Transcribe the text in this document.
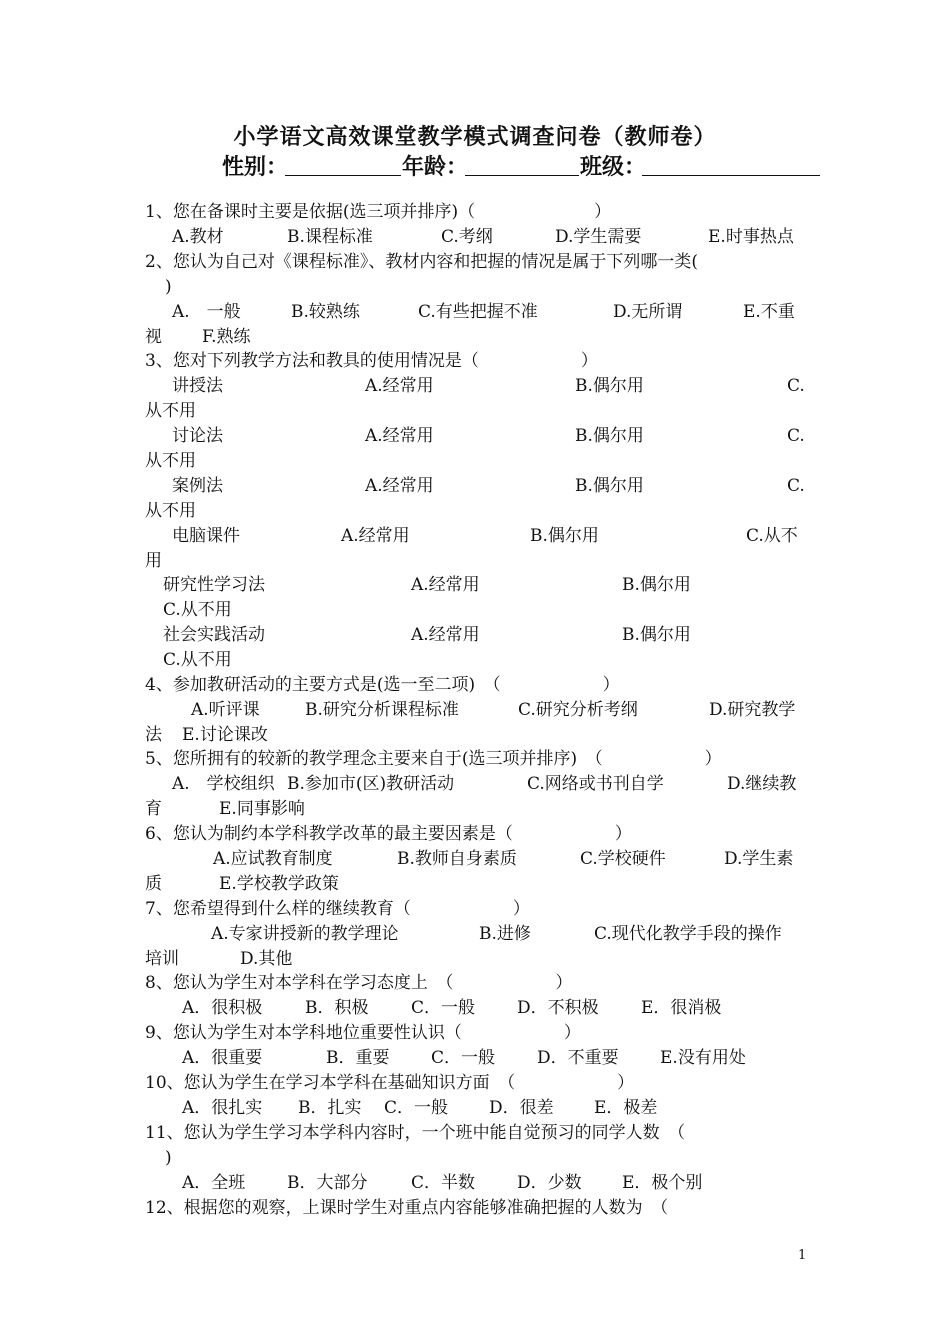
小学语文高效课堂教学模式调查问卷（教师卷）
性别：	年龄：	班级：
1、您在备课时主要是依据(选三项并排序)（　　　　　　　）
A.教材	B.课程标准	C.考纲	D.学生需要	E.时事热点
2、您认为自己对《课程标准》、教材内容和把握的情况是属于下列哪一类(
)
A.　一般	B.较熟练	C.有些把握不准	D.无所谓	E.不重
视 F.熟练
3、您对下列教学方法和教具的使用情况是（　　　　　　）
讲授法	A.经常用	B.偶尔用	C.
从不用
讨论法	A.经常用	B.偶尔用	C.
从不用
案例法	A.经常用	B.偶尔用	C.
从不用
电脑课件	A.经常用	B.偶尔用	C.从不
用
研究性学习法	A.经常用	B.偶尔用
C.从不用
社会实践活动	A.经常用	B.偶尔用
C.从不用
4、参加教研活动的主要方式是(选一至二项)　（　　　　　　）
A.听评课	B.研究分析课程标准	C.研究分析考纲	D.研究教学
法 E.讨论课改
5、您所拥有的较新的教学理念主要来自于(选三项并排序)　（　　　　　　）
A.　学校组织 B.参加市(区)教研活动	C.网络或书刊自学	D.继续教
育	E.同事影响
6、您认为制约本学科教学改革的最主要因素是（　　　　　　）
A.应试教育制度	B.教师自身素质	C.学校硬件	D.学生素
质	E.学校教学政策
7、您希望得到什么样的继续教育（　　　　　　）
A.专家讲授新的教学理论	B.进修	C.现代化教学手段的操作
培训	D.其他
8、您认为学生对本学科在学习态度上　（　　　　　　）
A．很积极	B．积极	C．一般 D．不积极 E．很消极
9、您认为学生对本学科地位重要性认识（　　　　　　）
A．很重要	B．重要 C．一般 D．不重要 E.没有用处
10、您认为学生在学习本学科在基础知识方面　（　　　　　　）
A．很扎实 B．扎实 C．一般 D．很差 E．极差
11、您认为学生学习本学科内容时，一个班中能自觉预习的同学人数　（
)
A．全班 B．大部分	C．半数 D．少数 E．极个别
12、根据您的观察，上课时学生对重点内容能够准确把握的人数为　（
1
